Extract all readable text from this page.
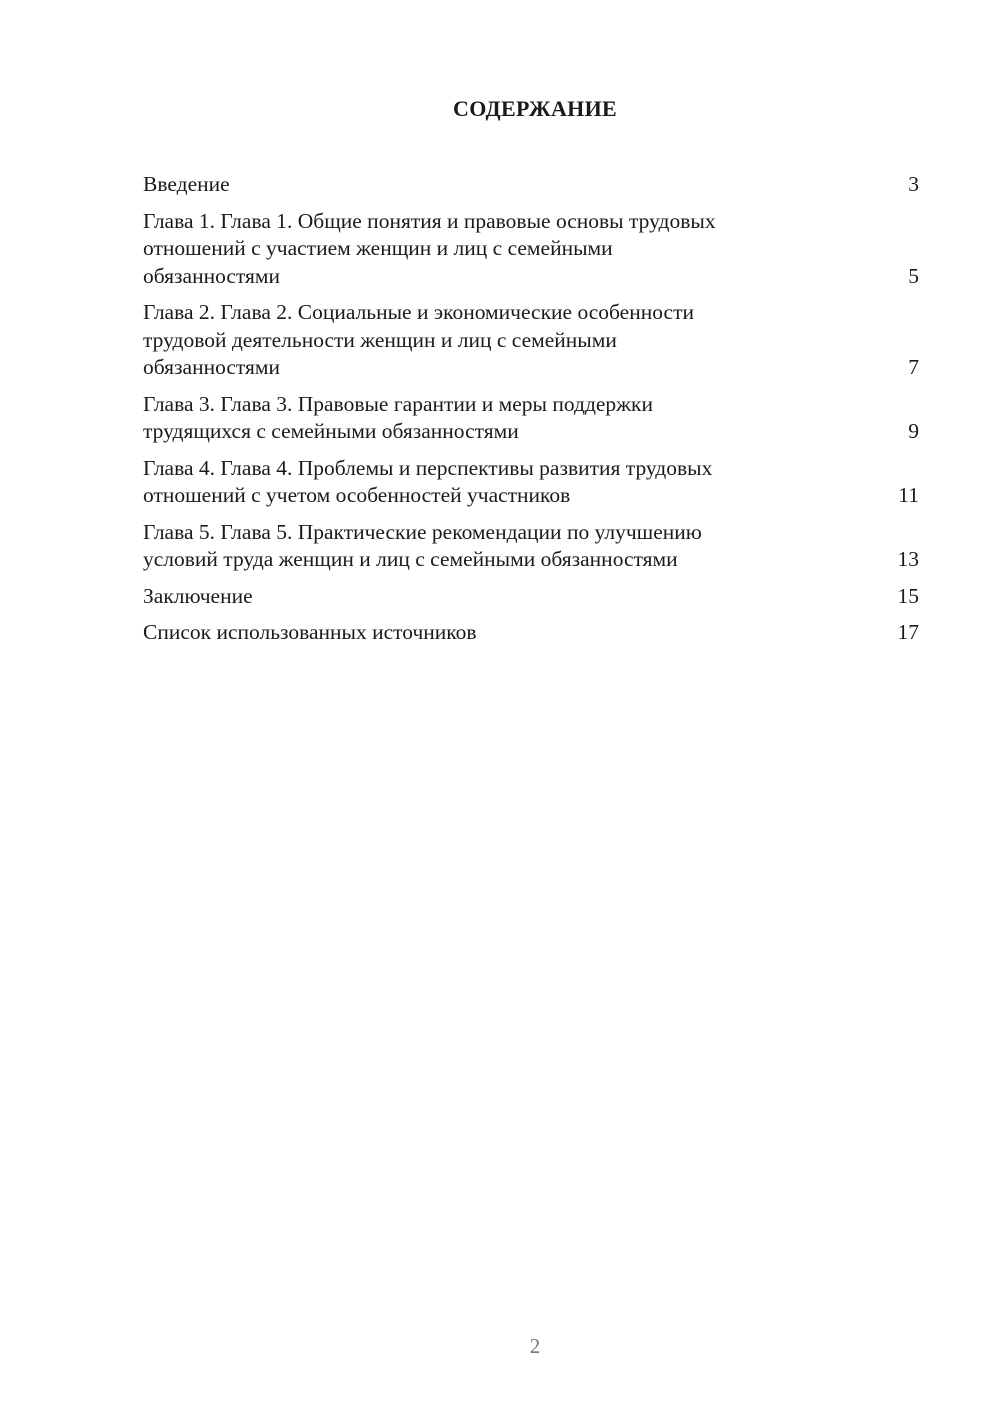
СОДЕРЖАНИЕ
Введение	3
Глава 1. Глава 1. Общие понятия и правовые основы трудовых
отношений с участием женщин и лиц с семейными
обязанностями	5
Глава 2. Глава 2. Социальные и экономические особенности
трудовой деятельности женщин и лиц с семейными
обязанностями	7
Глава 3. Глава 3. Правовые гарантии и меры поддержки
трудящихся с семейными обязанностями	9
Глава 4. Глава 4. Проблемы и перспективы развития трудовых
отношений с учетом особенностей участников	11
Глава 5. Глава 5. Практические рекомендации по улучшению
условий труда женщин и лиц с семейными обязанностями	13
Заключение	15
Список использованных источников	17
2
